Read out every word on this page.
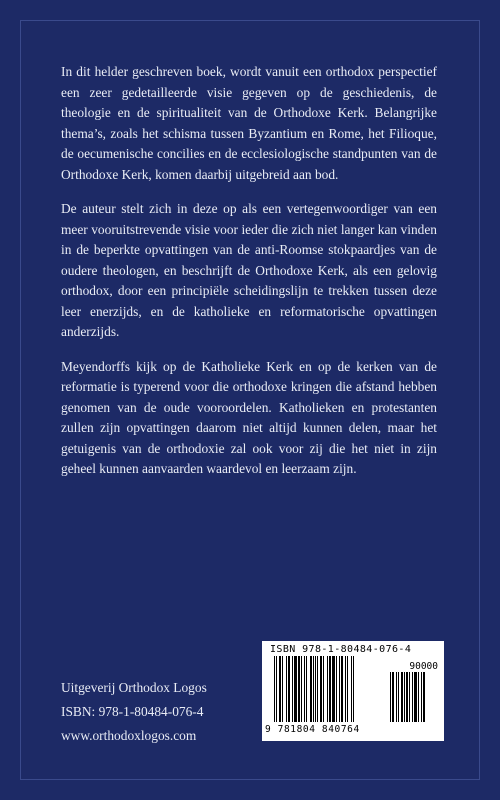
In dit helder geschreven boek, wordt vanuit een orthodox perspectief een zeer gedetailleerde visie gegeven op de geschiedenis, de theologie en de spiritualiteit van de Orthodoxe Kerk. Belangrijke thema’s, zoals het schisma tussen Byzantium en Rome, het Filioque, de oecumenische concilies en de ecclesiologische standpunten van de Orthodoxe Kerk, komen daarbij uitgebreid aan bod.

De auteur stelt zich in deze op als een vertegenwoordiger van een meer vooruitstrevende visie voor ieder die zich niet langer kan vinden in de beperkte opvattingen van de anti-Roomse stokpaardjes van de oudere theologen, en beschrijft de Orthodoxe Kerk, als een gelovig orthodox, door een principiële scheidingslijn te trekken tussen deze leer enerzijds, en de katholieke en reformatorische opvattingen anderzijds.

Meyendorffs kijk op de Katholieke Kerk en op de kerken van de reformatie is typerend voor die orthodoxe kringen die afstand hebben genomen van de oude vooroordelen. Katholieken en protestanten zullen zijn opvattingen daarom niet altijd kunnen delen, maar het getuigenis van de orthodoxie zal ook voor zij die het niet in zijn geheel kunnen aanvaarden waardevol en leerzaam zijn.

Uitgeverij Orthodox Logos
ISBN: 978-1-80484-076-4
www.orthodoxlogos.com
ISBN 978-1-80484-076-4
90000
9 781804 840764
